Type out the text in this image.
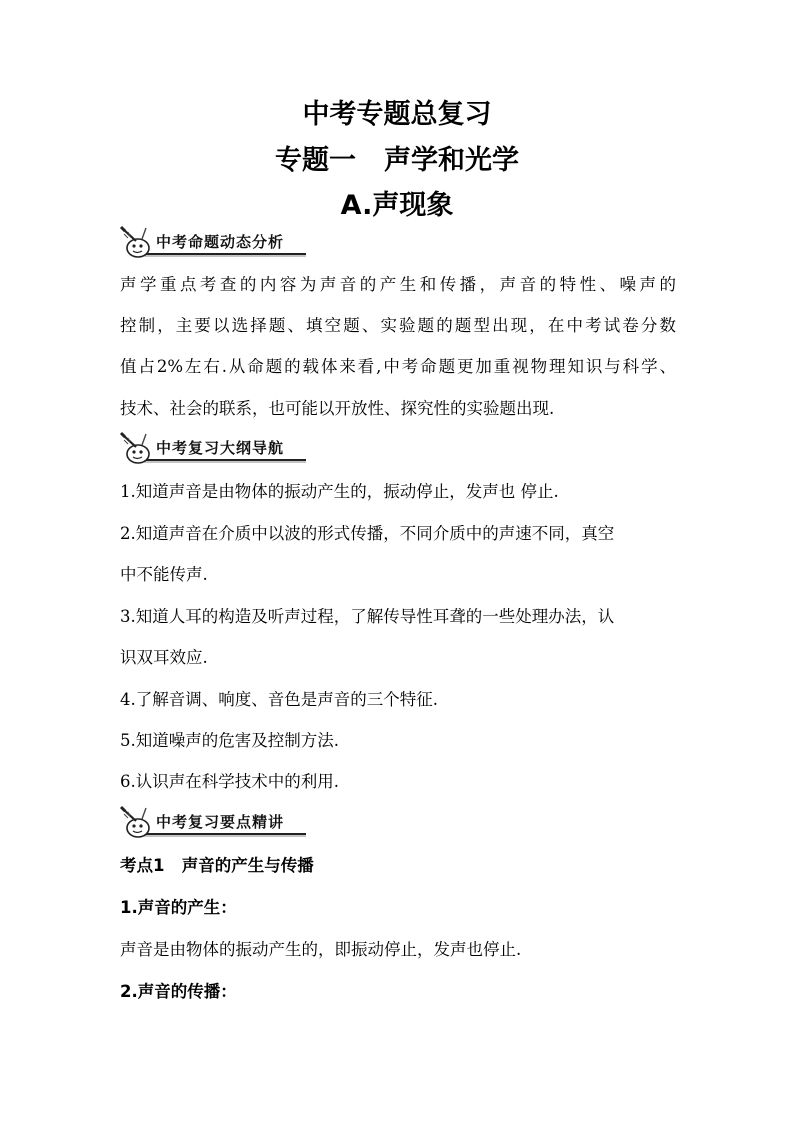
中考专题总复习
专题一 声学和光学
A.声现象
中考命题动态分析
声学重点考查的内容为声音的产生和传播，声音的特性、噪声的
控制，主要以选择题、填空题、实验题的题型出现，在中考试卷分数
值占2%左右.从命题的载体来看,中考命题更加重视物理知识与科学、
技术、社会的联系，也可能以开放性、探究性的实验题出现.
中考复习大纲导航
1.知道声音是由物体的振动产生的，振动停止，发声也 停止.
2.知道声音在介质中以波的形式传播，不同介质中的声速不同，真空
中不能传声.
3.知道人耳的构造及听声过程，了解传导性耳聋的一些处理办法，认
识双耳效应.
4.了解音调、响度、音色是声音的三个特征.
5.知道噪声的危害及控制方法.
6.认识声在科学技术中的利用.
中考复习要点精讲
考点1   声音的产生与传播
1.声音的产生：
声音是由物体的振动产生的，即振动停止，发声也停止.
2.声音的传播：
